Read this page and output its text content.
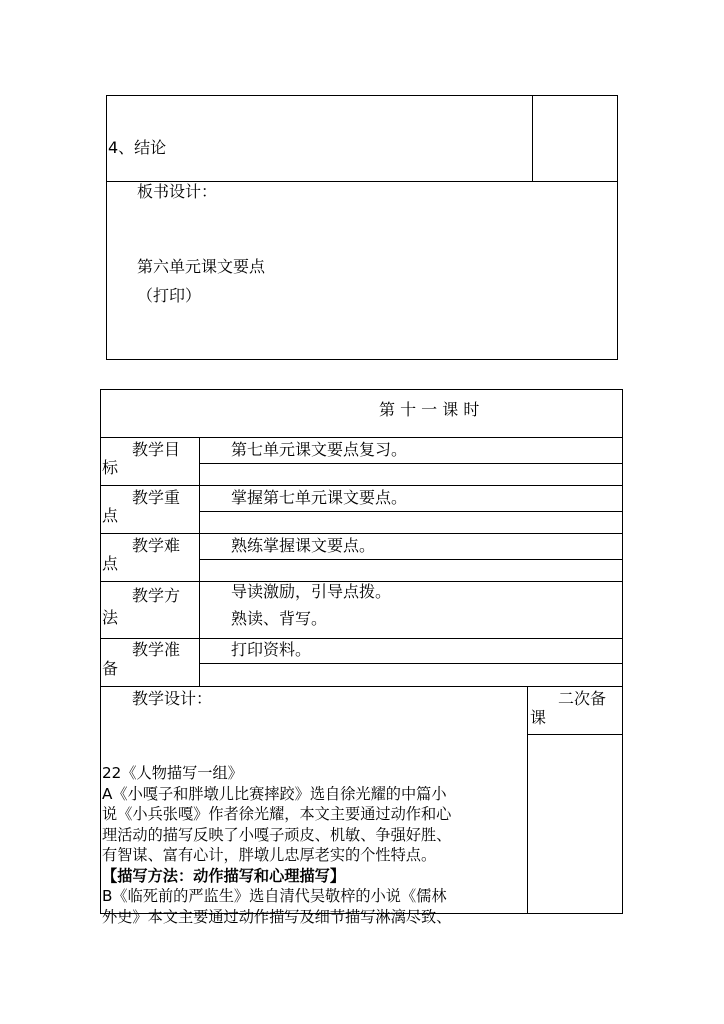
4、结论
板书设计：
第六单元课文要点
（打印）
第 十 一 课 时
教学目
标
第七单元课文要点复习。
教学重
点
掌握第七单元课文要点。
教学难
点
熟练掌握课文要点。
教学方
法
导读激励，引导点拨。
熟读、背写。
教学准
备
打印资料。
教学设计：	二次备
课
22《人物描写一组》
A《小嘎子和胖墩儿比赛摔跤》选自徐光耀的中篇小
说《小兵张嘎》作者徐光耀，本文主要通过动作和心
理活动的描写反映了小嘎子顽皮、机敏、争强好胜、
有智谋、富有心计，胖墩儿忠厚老实的个性特点。
【描写方法：动作描写和心理描写】
B《临死前的严监生》选自清代吴敬梓的小说《儒林
外史》本文主要通过动作描写及细节描写淋漓尽致、
